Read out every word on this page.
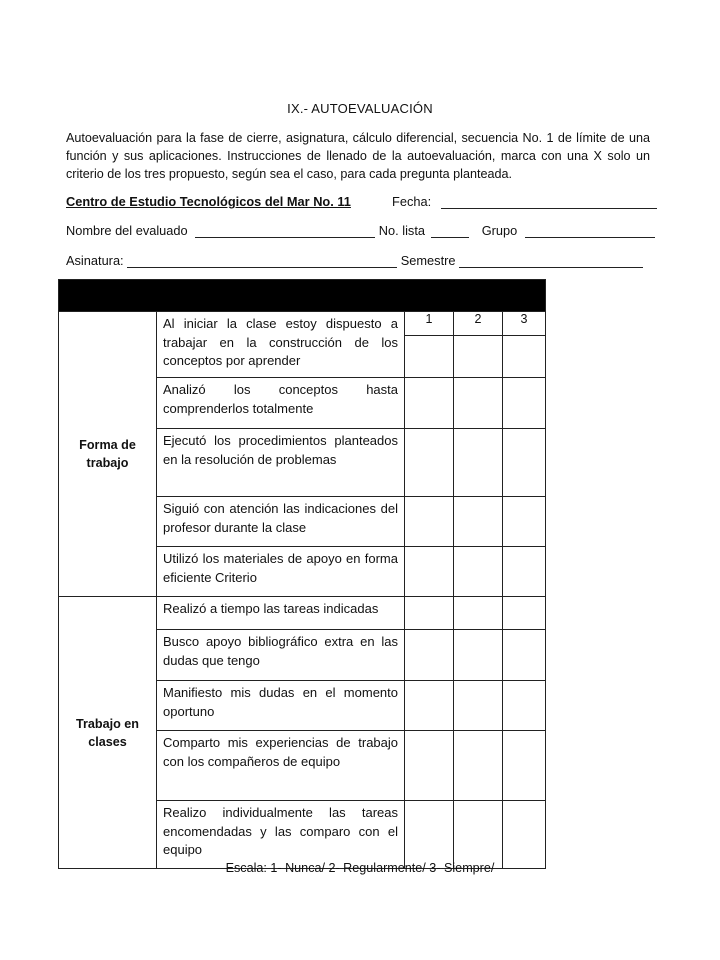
IX.- AUTOEVALUACIÓN
Autoevaluación para la fase de cierre, asignatura, cálculo diferencial, secuencia No. 1 de límite de una función y sus aplicaciones. Instrucciones de llenado de la autoevaluación, marca con una X solo un criterio de los tres propuesto, según sea el caso, para cada pregunta planteada.
Centro de Estudio Tecnológicos del Mar No. 11	Fecha:
Nombre del evaluado	No. lista	Grupo
Asinatura:	Semestre

Forma de trabajo	Al iniciar la clase estoy dispuesto a trabajar en la construcción de los conceptos por aprender	1	2	3

	Analizó los conceptos hasta comprenderlos totalmente			
	Ejecutó los procedimientos planteados en la resolución de problemas			
	Siguió con atención las indicaciones del profesor durante la clase			
	Utilizó los materiales de apoyo en forma eficiente Criterio			
Trabajo en clases	Realizó a tiempo las tareas indicadas			
	Busco apoyo bibliográfico extra en las dudas que tengo			
	Manifiesto mis dudas en el momento oportuno			
	Comparto mis experiencias de trabajo con los compañeros de equipo			
	Realizo individualmente las tareas encomendadas y las comparo con el equipo			
Escala: 1- Nunca/ 2- Regularmente/ 3- Siempre/
